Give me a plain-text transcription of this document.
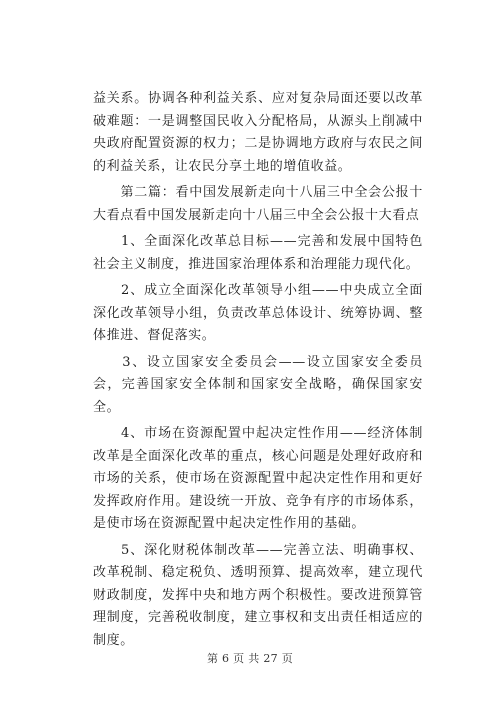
益关系。协调各种利益关系、应对复杂局面还要以改革破难题：一是调整国民收入分配格局，从源头上削减中央政府配置资源的权力；二是协调地方政府与农民之间的利益关系，让农民分享土地的增值收益。

　　第二篇：看中国发展新走向十八届三中全会公报十大看点看中国发展新走向十八届三中全会公报十大看点

　　1、全面深化改革总目标——完善和发展中国特色社会主义制度，推进国家治理体系和治理能力现代化。

　　2、成立全面深化改革领导小组——中央成立全面深化改革领导小组，负责改革总体设计、统筹协调、整体推进、督促落实。

　　3、设立国家安全委员会——设立国家安全委员会，完善国家安全体制和国家安全战略，确保国家安全。

　　4、市场在资源配置中起决定性作用——经济体制改革是全面深化改革的重点，核心问题是处理好政府和市场的关系，使市场在资源配置中起决定性作用和更好发挥政府作用。建设统一开放、竞争有序的市场体系，是使市场在资源配置中起决定性作用的基础。

　　5、深化财税体制改革——完善立法、明确事权、改革税制、稳定税负、透明预算、提高效率，建立现代财政制度，发挥中央和地方两个积极性。要改进预算管理制度，完善税收制度，建立事权和支出责任相适应的制度。

第 6 页 共 27 页
